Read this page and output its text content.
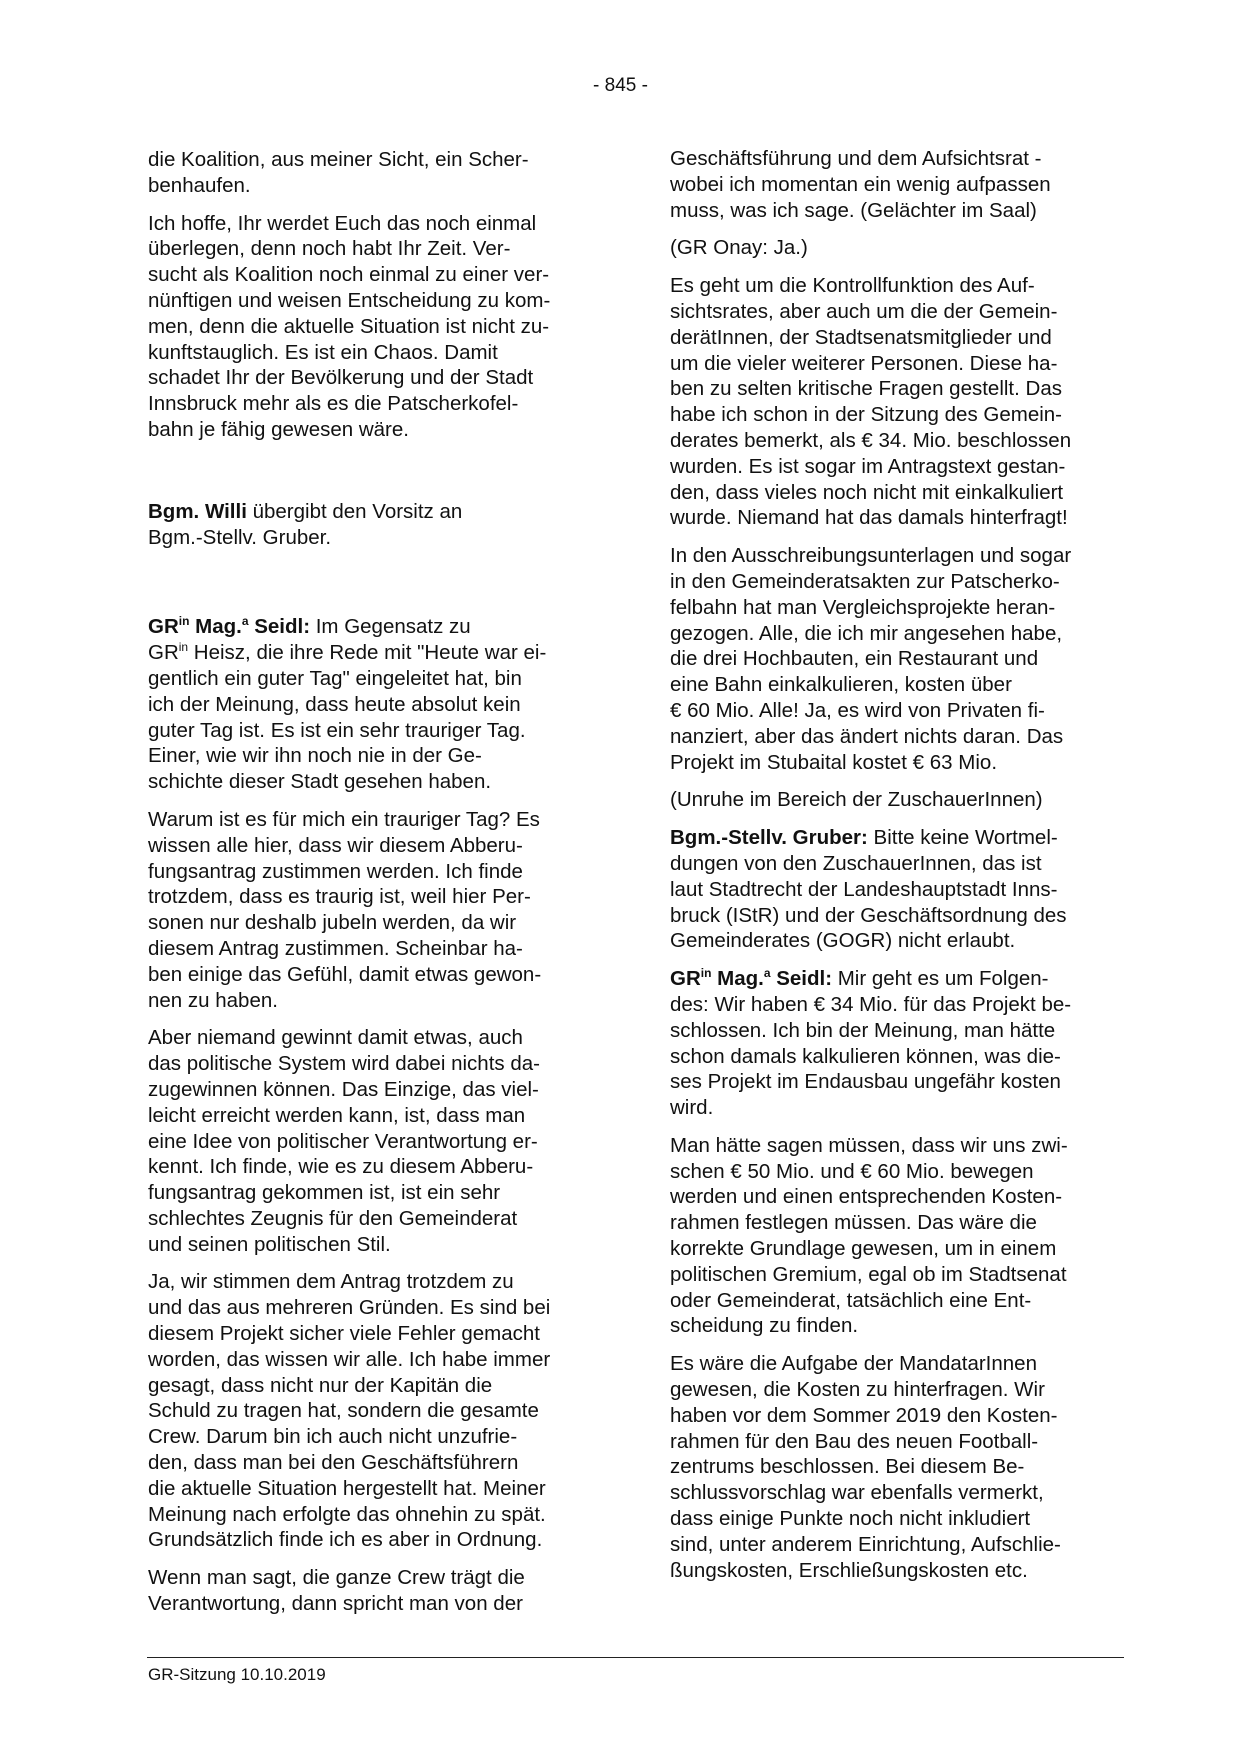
- 845 -

die Koalition, aus meiner Sicht, ein Scher-
benhaufen.

Ich hoffe, Ihr werdet Euch das noch einmal
überlegen, denn noch habt Ihr Zeit. Ver-
sucht als Koalition noch einmal zu einer ver-
nünftigen und weisen Entscheidung zu kom-
men, denn die aktuelle Situation ist nicht zu-
kunftstauglich. Es ist ein Chaos. Damit
schadet Ihr der Bevölkerung und der Stadt
Innsbruck mehr als es die Patscherkofel-
bahn je fähig gewesen wäre.

Bgm. Willi übergibt den Vorsitz an
Bgm.-Stellv. Gruber.

$GR^{in}$ Mag.$^a$ Seidl: Im Gegensatz zu
$GR^{in}$ Heisz, die ihre Rede mit "Heute war ei-
gentlich ein guter Tag" eingeleitet hat, bin
ich der Meinung, dass heute absolut kein
guter Tag ist. Es ist ein sehr trauriger Tag.
Einer, wie wir ihn noch nie in der Ge-
schichte dieser Stadt gesehen haben.

Warum ist es für mich ein trauriger Tag? Es
wissen alle hier, dass wir diesem Abberu-
fungsantrag zustimmen werden. Ich finde
trotzdem, dass es traurig ist, weil hier Per-
sonen nur deshalb jubeln werden, da wir
diesem Antrag zustimmen. Scheinbar ha-
ben einige das Gefühl, damit etwas gewon-
nen zu haben.

Aber niemand gewinnt damit etwas, auch
das politische System wird dabei nichts da-
zugewinnen können. Das Einzige, das viel-
leicht erreicht werden kann, ist, dass man
eine Idee von politischer Verantwortung er-
kennt. Ich finde, wie es zu diesem Abberu-
fungsantrag gekommen ist, ist ein sehr
schlechtes Zeugnis für den Gemeinderat
und seinen politischen Stil.

Ja, wir stimmen dem Antrag trotzdem zu
und das aus mehreren Gründen. Es sind bei
diesem Projekt sicher viele Fehler gemacht
worden, das wissen wir alle. Ich habe immer
gesagt, dass nicht nur der Kapitän die
Schuld zu tragen hat, sondern die gesamte
Crew. Darum bin ich auch nicht unzufrie-
den, dass man bei den Geschäftsführern
die aktuelle Situation hergestellt hat. Meiner
Meinung nach erfolgte das ohnehin zu spät.
Grundsätzlich finde ich es aber in Ordnung.

Wenn man sagt, die ganze Crew trägt die
Verantwortung, dann spricht man von der

Geschäftsführung und dem Aufsichtsrat -
wobei ich momentan ein wenig aufpassen
muss, was ich sage. (Gelächter im Saal)

(GR Onay: Ja.)

Es geht um die Kontrollfunktion des Auf-
sichtsrates, aber auch um die der Gemein-
derätInnen, der Stadtsenatsmitglieder und
um die vieler weiterer Personen. Diese ha-
ben zu selten kritische Fragen gestellt. Das
habe ich schon in der Sitzung des Gemein-
derates bemerkt, als € 34. Mio. beschlossen
wurden. Es ist sogar im Antragstext gestan-
den, dass vieles noch nicht mit einkalkuliert
wurde. Niemand hat das damals hinterfragt!

In den Ausschreibungsunterlagen und sogar
in den Gemeinderatsakten zur Patscherko-
felbahn hat man Vergleichsprojekte heran-
gezogen. Alle, die ich mir angesehen habe,
die drei Hochbauten, ein Restaurant und
eine Bahn einkalkulieren, kosten über
€ 60 Mio. Alle! Ja, es wird von Privaten fi-
nanziert, aber das ändert nichts daran. Das
Projekt im Stubaital kostet € 63 Mio.

(Unruhe im Bereich der ZuschauerInnen)

Bgm.-Stellv. Gruber: Bitte keine Wortmel-
dungen von den ZuschauerInnen, das ist
laut Stadtrecht der Landeshauptstadt Inns-
bruck (IStR) und der Geschäftsordnung des
Gemeinderates (GOGR) nicht erlaubt.

$GR^{in}$ Mag.$^a$ Seidl: Mir geht es um Folgen-
des: Wir haben € 34 Mio. für das Projekt be-
schlossen. Ich bin der Meinung, man hätte
schon damals kalkulieren können, was die-
ses Projekt im Endausbau ungefähr kosten
wird.

Man hätte sagen müssen, dass wir uns zwi-
schen € 50 Mio. und € 60 Mio. bewegen
werden und einen entsprechenden Kosten-
rahmen festlegen müssen. Das wäre die
korrekte Grundlage gewesen, um in einem
politischen Gremium, egal ob im Stadtsenat
oder Gemeinderat, tatsächlich eine Ent-
scheidung zu finden.

Es wäre die Aufgabe der MandatarInnen
gewesen, die Kosten zu hinterfragen. Wir
haben vor dem Sommer 2019 den Kosten-
rahmen für den Bau des neuen Football-
zentrums beschlossen. Bei diesem Be-
schlussvorschlag war ebenfalls vermerkt,
dass einige Punkte noch nicht inkludiert
sind, unter anderem Einrichtung, Aufschlie-
ßungskosten, Erschließungskosten etc.

GR-Sitzung 10.10.2019
